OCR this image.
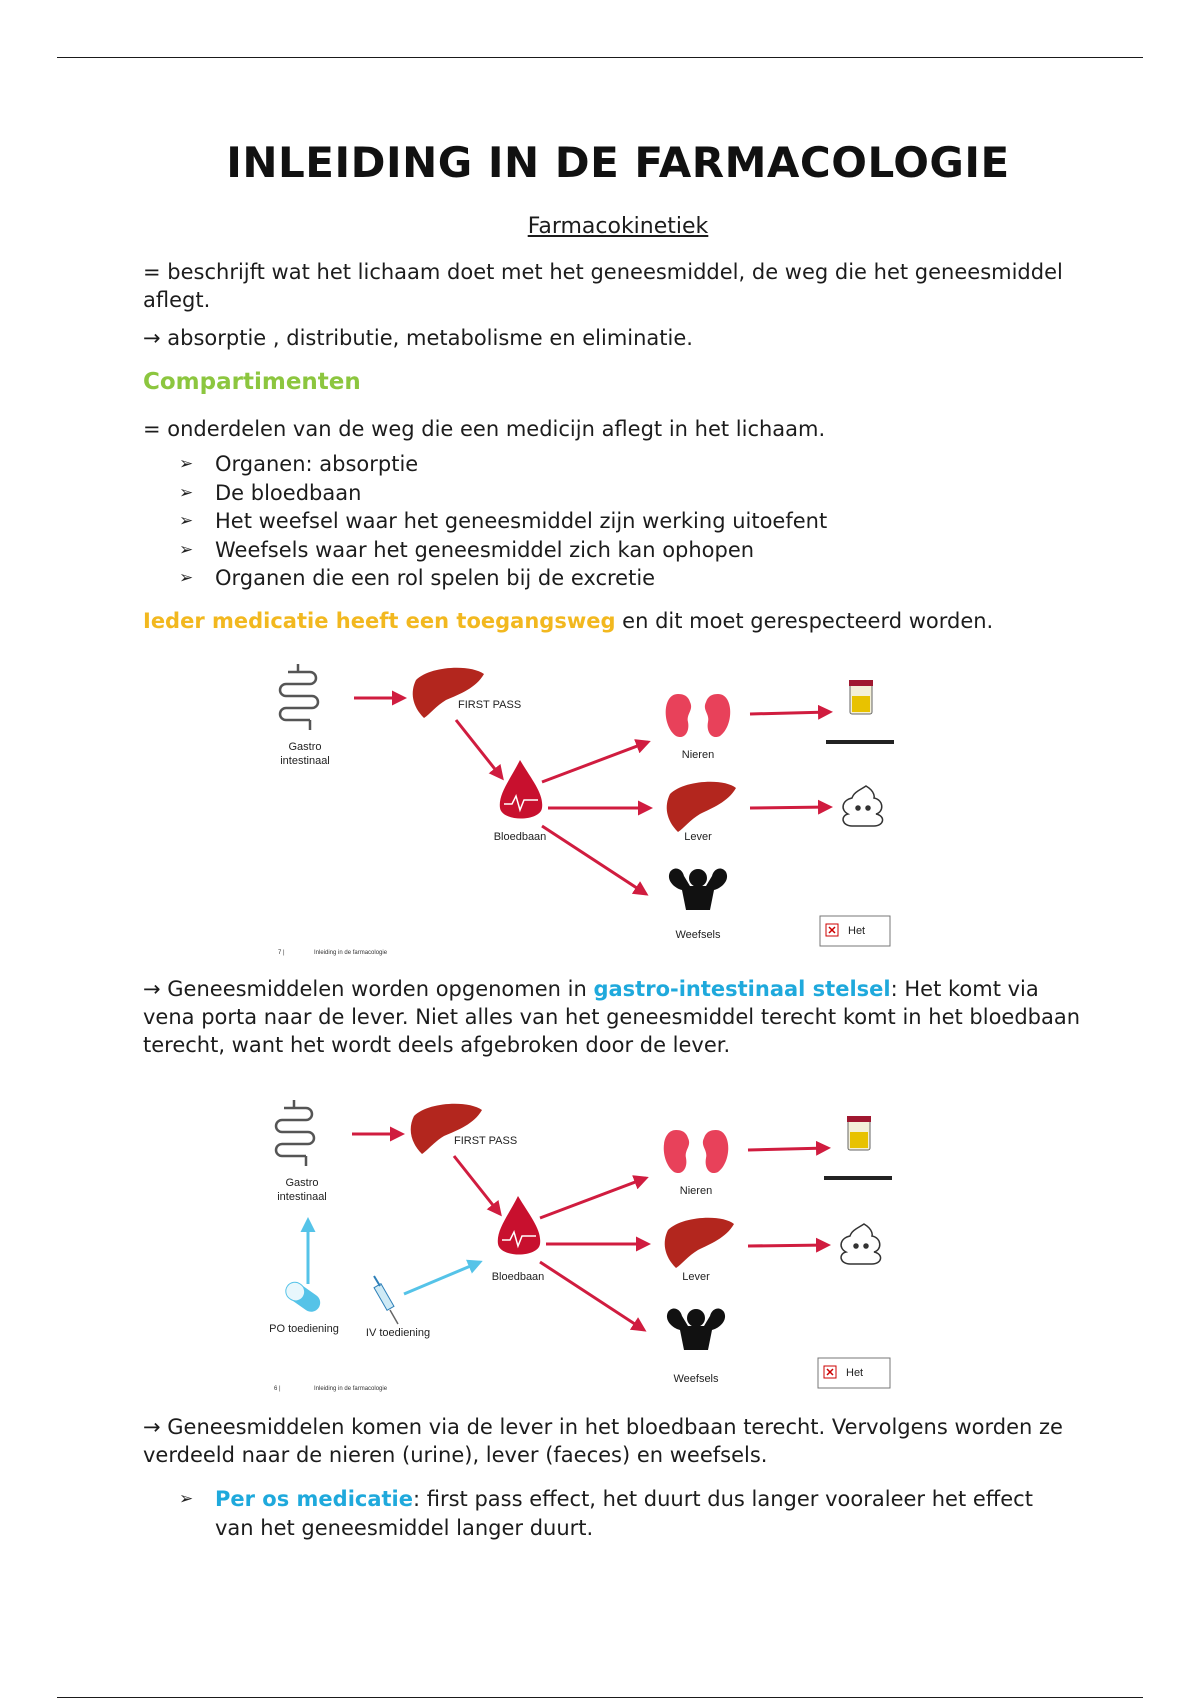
INLEIDING IN DE FARMACOLOGIE

Farmacokinetiek

= beschrijft wat het lichaam doet met het geneesmiddel, de weg die het geneesmiddel aflegt.

→ absorptie , distributie, metabolisme en eliminatie.

Compartimenten

= onderdelen van de weg die een medicijn aflegt in het lichaam.

➢ Organen: absorptie
➢ De bloedbaan
➢ Het weefsel waar het geneesmiddel zijn werking uitoefent
➢ Weefsels waar het geneesmiddel zich kan ophopen
➢ Organen die een rol spelen bij de excretie

Ieder medicatie heeft een toegangsweg en dit moet gerespecteerd worden.

→ Geneesmiddelen worden opgenomen in gastro-intestinaal stelsel: Het komt via vena porta naar de lever. Niet alles van het geneesmiddel terecht komt in het bloedbaan terecht, want het wordt deels afgebroken door de lever.

→ Geneesmiddelen komen via de lever in het bloedbaan terecht. Vervolgens worden ze verdeeld naar de nieren (urine), lever (faeces) en weefsels.

➢ Per os medicatie: first pass effect, het duurt dus langer vooraleer het effect van het geneesmiddel langer duurt.
Gastro
intestinaal
FIRST PASS
Bloedbaan
Nieren
Lever
Weefsels	Het
7 |	Inleiding in de farmacologie
Gastro
intestinaal
FIRST PASS
Bloedbaan
PO toediening IV toediening
Nieren
Lever
Weefsels	Het
6 |	Inleiding in de farmacologie
